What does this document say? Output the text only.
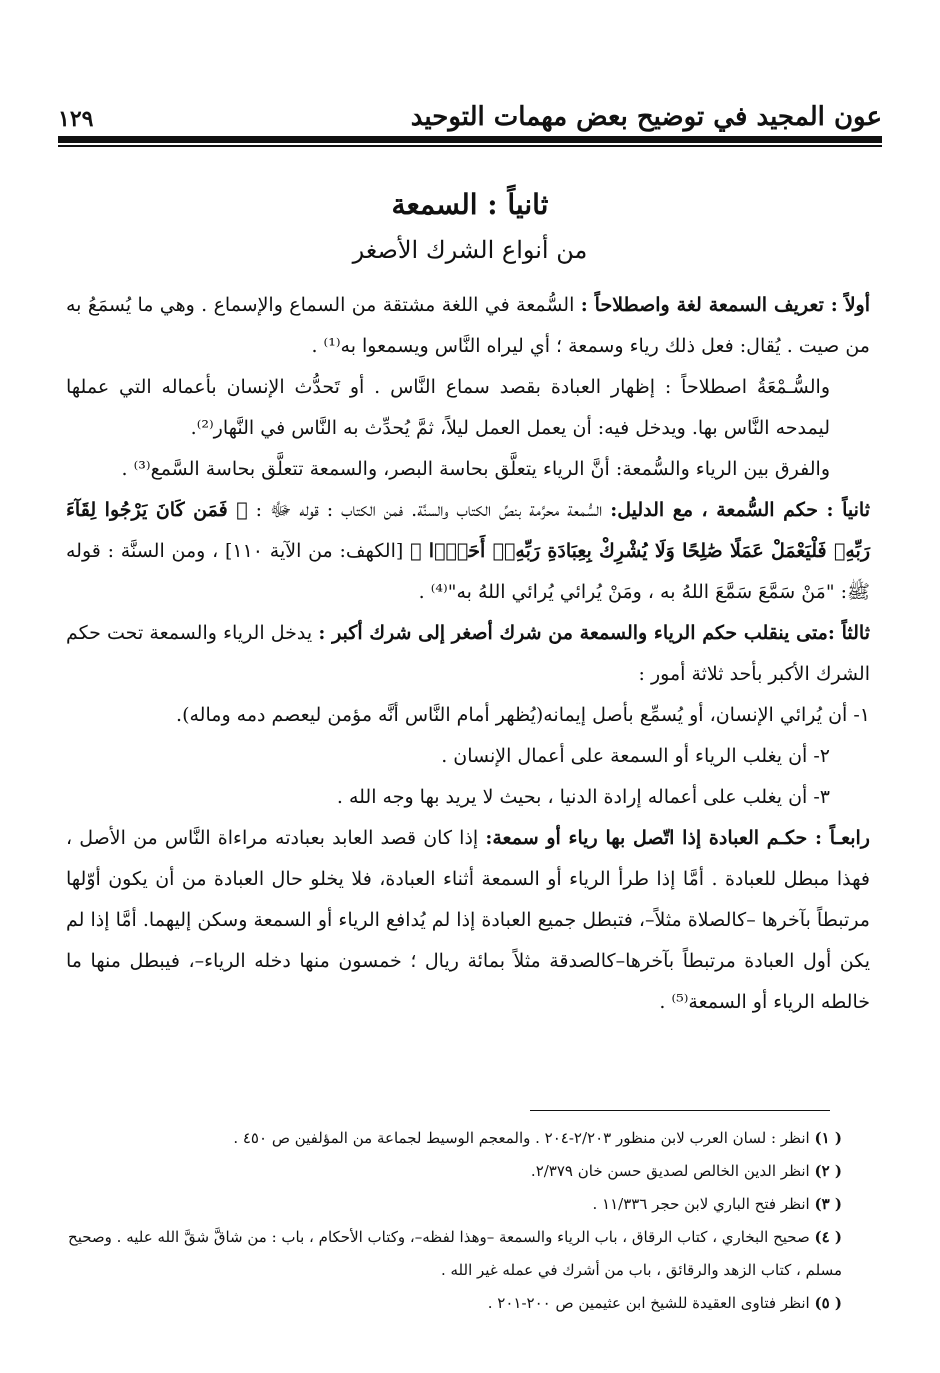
١٢٩	عون المجيد في توضيح بعض مهمات التوحيد
ثانياً : السمعة
من أنواع الشرك الأصغر

أولاً : تعريف السمعة لغة واصطلاحاً : السُّمعة في اللغة مشتقة من السماع والإسماع . وهي ما يُسمَعُ به من صيت . يُقال: فعل ذلك رياء وسمعة ؛ أي ليراه النَّاس ويسمعوا به⁽¹⁾ .

والسُّـمْعَةُ اصطلاحاً : إظهار العبادة بقصد سماع النَّاس . أو تَحدُّث الإنسان بأعماله التي عملها ليمدحه النَّاس بها. ويدخل فيه: أن يعمل العمل ليلاً، ثمَّ يُحدِّث به النَّاس في النَّهار⁽²⁾.

والفرق بين الرياء والسُّمعة: أنَّ الرياء يتعلَّق بحاسة البصر، والسمعة تتعلَّق بحاسة السَّمع⁽³⁾ .

ثانياً : حكم السُّمعة ، مع الدليل: السُّمعة محرَّمة بنصِّ الكتاب والسنَّة. فمن الكتاب : قوله ﷻ : ﴿ فَمَن كَانَ يَرْجُوا لِقَآءَ رَبِّهِۦ فَلْيَعْمَلْ عَمَلًا صَٰلِحًا وَلَا يُشْرِكْ بِعِبَادَةِ رَبِّهِۦٓ أَحَدًۢا ﴾ [الكهف: من الآية ١١٠] ، ومن السنَّة : قوله ﷺ: "مَنْ سَمَّعَ سَمَّعَ اللهُ به ، ومَنْ يُرائي يُرائي اللهُ به"⁽⁴⁾ .

ثالثاً :متى ينقلب حكم الرياء والسمعة من شرك أصغر إلى شرك أكبر : يدخل الرياء والسمعة تحت حكم الشرك الأكبر بأحد ثلاثة أمور :

١- أن يُرائي الإنسان، أو يُسمِّع بأصل إيمانه(يُظهر أمام النَّاس أنَّه مؤمن ليعصم دمه وماله).

٢- أن يغلب الرياء أو السمعة على أعمال الإنسان .

٣- أن يغلب على أعماله إرادة الدنيا ، بحيث لا يريد بها وجه الله .

رابعـاً : حكـم العبادة إذا اتّصل بها رياء أو سمعة: إذا كان قصد العابد بعبادته مراءاة النَّاس من الأصل ، فهذا مبطل للعبادة . أمَّا إذا طرأ الرياء أو السمعة أثناء العبادة، فلا يخلو حال العبادة من أن يكون أوّلها مرتبطاً بآخرها –كالصلاة مثلاً–، فتبطل جميع العبادة إذا لم يُدافع الرياء أو السمعة وسكن إليهما. أمَّا إذا لم يكن أول العبادة مرتبطاً بآخرها–كالصدقة مثلاً بمائة ريال ؛ خمسون منها دخله الرياء–، فيبطل منها ما خالطه الرياء أو السمعة⁽⁵⁾ .

( ١) انظر : لسان العرب لابن منظور ٢/٢٠٣-٢٠٤ . والمعجم الوسيط لجماعة من المؤلفين ص ٤٥٠ .
( ٢) انظر الدين الخالص لصديق حسن خان ٢/٣٧٩.
( ٣) انظر فتح الباري لابن حجر ١١/٣٣٦ .
( ٤) صحيح البخاري ، كتاب الرقاق ، باب الرياء والسمعة –وهذا لفظه–، وكتاب الأحكام ، باب : من شاقَّ شقَّ الله عليه . وصحيح مسلم ، كتاب الزهد والرقائق ، باب من أشرك في عمله غير الله .
( ٥) انظر فتاوى العقيدة للشيخ ابن عثيمين ص ٢٠٠-٢٠١ .
